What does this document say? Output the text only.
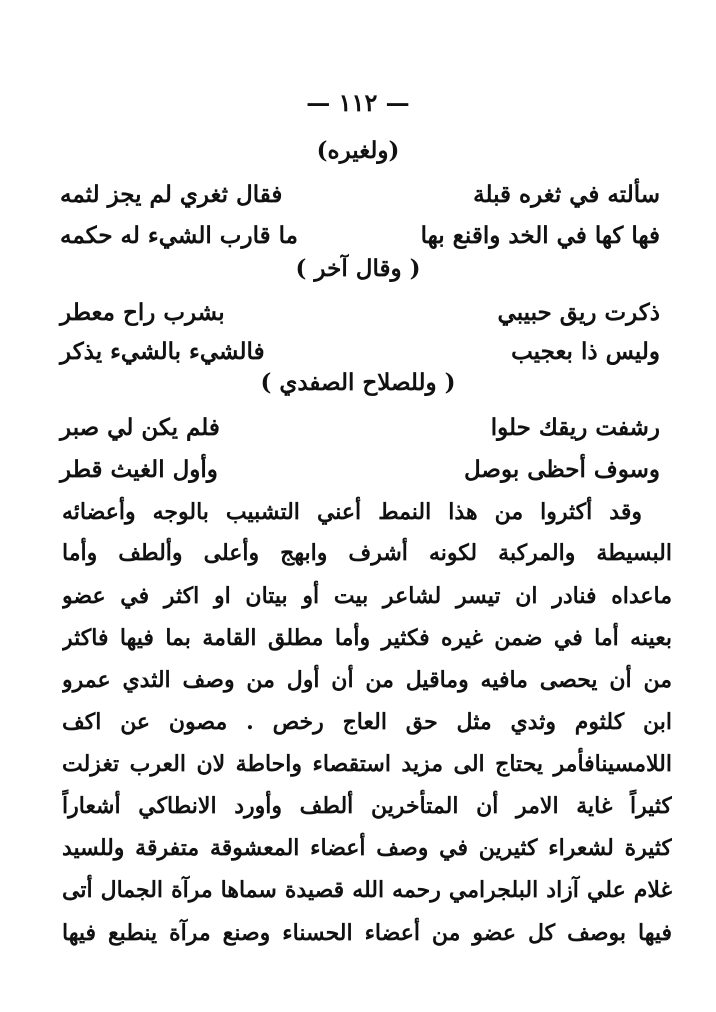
— ١١٢ —
(ولغيره)
سألته في ثغره قبلة
فقال ثغري لم يجز لثمه
فها كها في الخد واقنع بها
ما قارب الشيء له حكمه
( وقال آخر )
ذكرت ريق حبيبي
بشرب راح معطر
وليس ذا بعجيب
فالشيء بالشيء يذكر
( وللصلاح الصفدي )
رشفت ريقك حلوا
فلم يكن لي صبر
وسوف أحظى بوصل
وأول الغيث قطر
وقد أكثروا من هذا النمط أعني التشبيب بالوجه وأعضائه
البسيطة والمركبة لكونه أشرف وابهج وأعلى وألطف وأما
ماعداه فنادر ان تيسر لشاعر بيت أو بيتان او اكثر في عضو
بعينه أما في ضمن غيره فكثير وأما مطلق القامة بما فيها فاكثر
من أن يحصى مافيه وماقيل من أن أول من وصف الثدي عمرو
ابن كلثوم وثدي مثل حق العاج رخص . مصون عن اكف
اللامسينافأمر يحتاج الى مزيد استقصاء واحاطة لان العرب تغزلت
كثيراً غاية الامر أن المتأخرين ألطف وأورد الانطاكي أشعاراً
كثيرة لشعراء كثيرين في وصف أعضاء المعشوقة متفرقة وللسيد
غلام علي آزاد البلجرامي رحمه الله قصيدة سماها مرآة الجمال أتى
فيها بوصف كل عضو من أعضاء الحسناء وصنع مرآة ينطبع فيها
